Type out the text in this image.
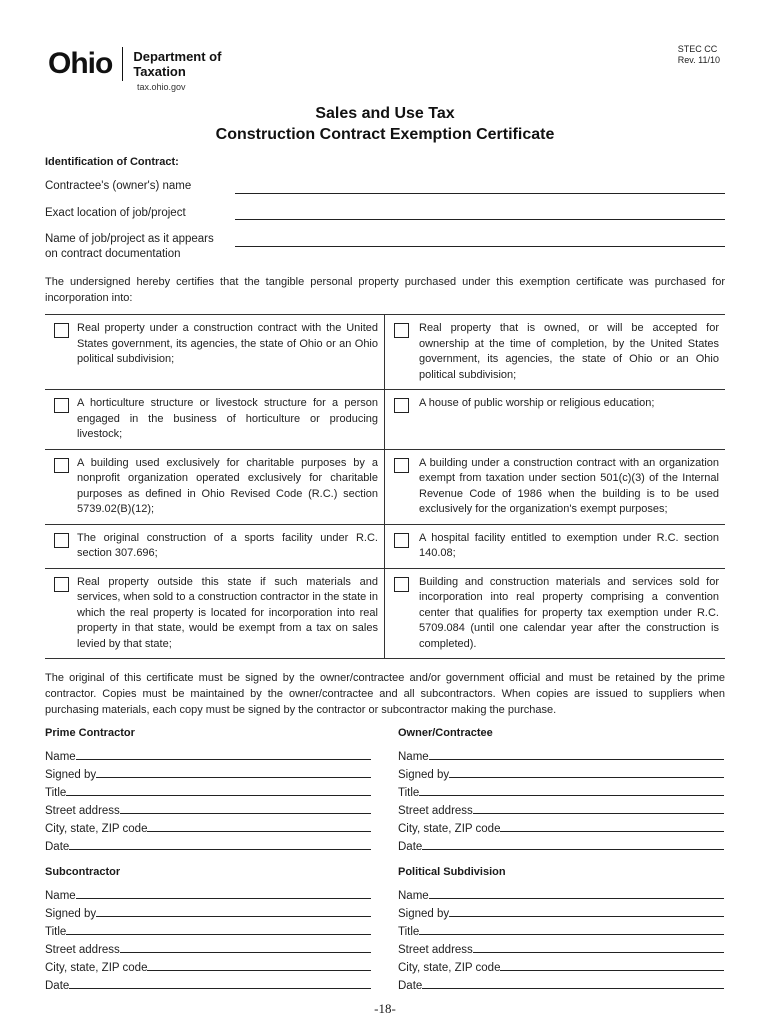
Ohio Department of
Taxation
tax.ohio.gov
STEC CC
Rev. 11/10
Sales and Use Tax
Construction Contract Exemption Certificate
Identification of Contract:
Contractee's (owner's) name
Exact location of job/project
Name of job/project as it appears
on contract documentation
The undersigned hereby certifies that the tangible personal property purchased under this exemption certificate was purchased for incorporation into:
Real property under a construction contract with the United States government, its agencies, the state of Ohio or an Ohio political subdivision;
Real property that is owned, or will be accepted for ownership at the time of completion, by the United States government, its agencies, the state of Ohio or an Ohio political subdivision;
A horticulture structure or livestock structure for a person engaged in the business of horticulture or producing livestock;
A house of public worship or religious education;
A building used exclusively for charitable purposes by a nonprofit organization operated exclusively for charitable purposes as defined in Ohio Revised Code (R.C.) section 5739.02(B)(12);
A building under a construction contract with an organization exempt from taxation under section 501(c)(3) of the Internal Revenue Code of 1986 when the building is to be used exclusively for the organization's exempt purposes;
The original construction of a sports facility under R.C. section 307.696;
A hospital facility entitled to exemption under R.C. section 140.08;
Real property outside this state if such materials and services, when sold to a construction contractor in the state in which the real property is located for incorporation into real property in that state, would be exempt from a tax on sales levied by that state;
Building and construction materials and services sold for incorporation into real property comprising a convention center that qualifies for property tax exemption under R.C. 5709.084 (until one calendar year after the construction is completed).
The original of this certificate must be signed by the owner/contractee and/or government official and must be retained by the prime contractor. Copies must be maintained by the owner/contractee and all subcontractors. When copies are issued to suppliers when purchasing materials, each copy must be signed by the contractor or subcontractor making the purchase.
Prime Contractor
Name
Signed by
Title
Street address
City, state, ZIP code
Date
Owner/Contractee
Name
Signed by
Title
Street address
City, state, ZIP code
Date
Subcontractor
Name
Signed by
Title
Street address
City, state, ZIP code
Date
Political Subdivision
Name
Signed by
Title
Street address
City, state, ZIP code
Date
-18-
